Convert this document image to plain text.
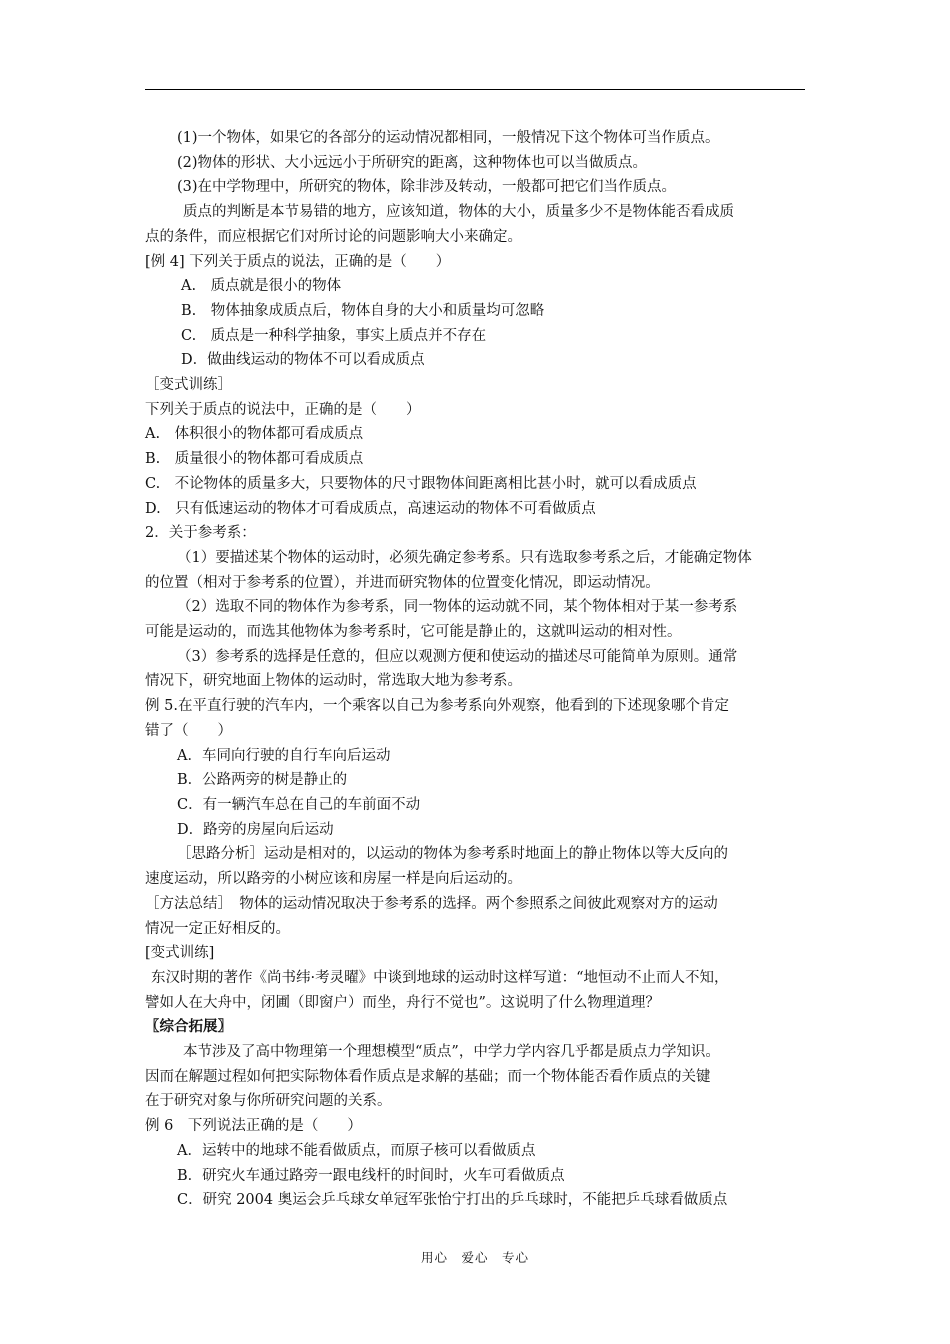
(1)一个物体，如果它的各部分的运动情况都相同，一般情况下这个物体可当作质点。

(2)物体的形状、大小远远小于所研究的距离，这种物体也可以当做质点。

(3)在中学物理中，所研究的物体，除非涉及转动，一般都可把它们当作质点。

质点的判断是本节易错的地方，应该知道，物体的大小，质量多少不是物体能否看成质

点的条件，而应根据它们对所讨论的问题影响大小来确定。

[例 4] 下列关于质点的说法，正确的是（　　）

A.　质点就是很小的物体

B.　物体抽象成质点后，物体自身的大小和质量均可忽略

C.　质点是一种科学抽象，事实上质点并不存在

D．做曲线运动的物体不可以看成质点

［变式训练］

下列关于质点的说法中，正确的是（　　）

A.　体积很小的物体都可看成质点

B.　质量很小的物体都可看成质点

C.　不论物体的质量多大，只要物体的尺寸跟物体间距离相比甚小时，就可以看成质点

D.　只有低速运动的物体才可看成质点，高速运动的物体不可看做质点

2．关于参考系：

（1）要描述某个物体的运动时，必须先确定参考系。只有选取参考系之后，才能确定物体

的位置（相对于参考系的位置），并进而研究物体的位置变化情况，即运动情况。

（2）选取不同的物体作为参考系，同一物体的运动就不同，某个物体相对于某一参考系

可能是运动的，而选其他物体为参考系时，它可能是静止的，这就叫运动的相对性。

（3）参考系的选择是任意的，但应以观测方便和使运动的描述尽可能简单为原则。通常

情况下，研究地面上物体的运动时，常选取大地为参考系。

例 5.在平直行驶的汽车内，一个乘客以自己为参考系向外观察，他看到的下述现象哪个肯定

错了（　　）

A．车同向行驶的自行车向后运动

B．公路两旁的树是静止的

C．有一辆汽车总在自己的车前面不动

D．路旁的房屋向后运动

［思路分析］运动是相对的，以运动的物体为参考系时地面上的静止物体以等大反向的

速度运动，所以路旁的小树应该和房屋一样是向后运动的。

［方法总结］　物体的运动情况取决于参考系的选择。两个参照系之间彼此观察对方的运动

情况一定正好相反的。

[变式训练]

东汉时期的著作《尚书纬·考灵曜》中谈到地球的运动时这样写道：“地恒动不止而人不知，

譬如人在大舟中，闭圃（即窗户）而坐，舟行不觉也”。这说明了什么物理道理？

〖综合拓展〗

本节涉及了高中物理第一个理想模型“质点”，中学力学内容几乎都是质点力学知识。

因而在解题过程如何把实际物体看作质点是求解的基础；而一个物体能否看作质点的关键

在于研究对象与你所研究问题的关系。

例 6　下列说法正确的是（　　）

A．运转中的地球不能看做质点，而原子核可以看做质点

B．研究火车通过路旁一跟电线杆的时间时，火车可看做质点

C．研究 2004 奥运会乒乓球女单冠军张怡宁打出的乒乓球时，不能把乒乓球看做质点

用心　爱心　专心
